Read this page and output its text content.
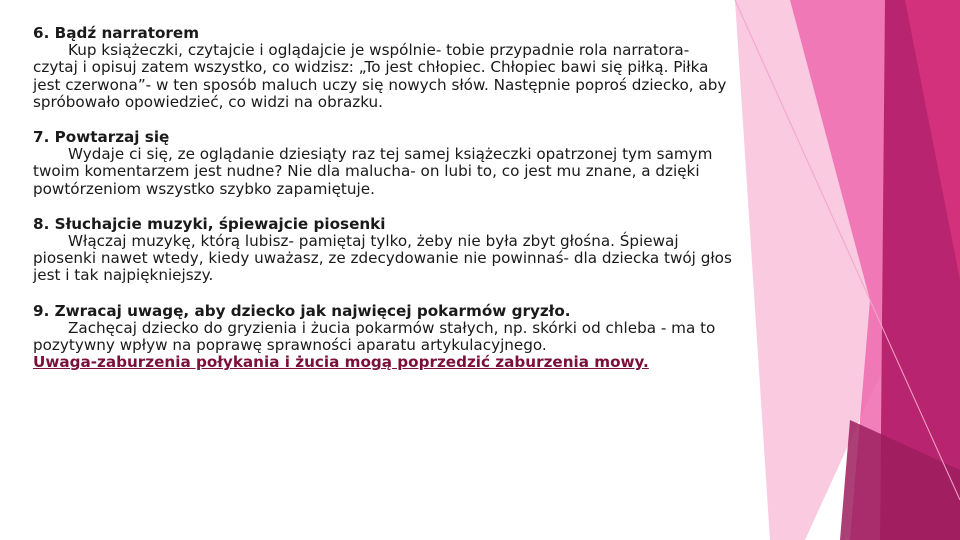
6. Bądź narratorem

Kup książeczki, czytajcie i oglądajcie je wspólnie- tobie przypadnie rola narratora- czytaj i opisuj zatem wszystko, co widzisz: „To jest chłopiec. Chłopiec bawi się piłką. Piłka jest czerwona”- w ten sposób maluch uczy się nowych słów. Następnie poproś dziecko, aby spróbowało opowiedzieć, co widzi na obrazku.

7. Powtarzaj się

Wydaje ci się, ze oglądanie dziesiąty raz tej samej książeczki opatrzonej tym samym twoim komentarzem jest nudne? Nie dla malucha- on lubi to, co jest mu znane, a dzięki powtórzeniom wszystko szybko zapamiętuje.

8. Słuchajcie muzyki, śpiewajcie piosenki

Włączaj muzykę, którą lubisz- pamiętaj tylko, żeby nie była zbyt głośna. Śpiewaj piosenki nawet wtedy, kiedy uważasz, ze zdecydowanie nie powinnaś- dla dziecka twój głos jest i tak najpiękniejszy.

9. Zwracaj uwagę, aby dziecko jak najwięcej pokarmów gryzło.

Zachęcaj dziecko do gryzienia i żucia pokarmów stałych, np. skórki od chleba - ma to pozytywny wpływ na poprawę sprawności aparatu artykulacyjnego.

Uwaga-zaburzenia połykania i żucia mogą poprzedzić zaburzenia mowy.
